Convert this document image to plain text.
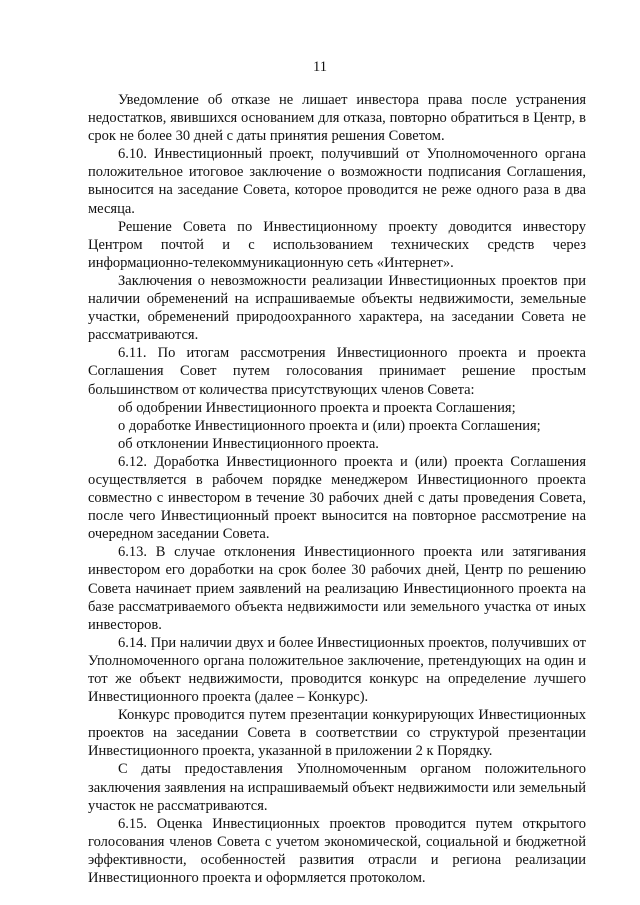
11

Уведомление об отказе не лишает инвестора права после устранения недостатков, явившихся основанием для отказа, повторно обратиться в Центр, в срок не более 30 дней с даты принятия решения Советом.

6.10. Инвестиционный проект, получивший от Уполномоченного органа положительное итоговое заключение о возможности подписания Соглашения, выносится на заседание Совета, которое проводится не реже одного раза в два месяца.

Решение Совета по Инвестиционному проекту доводится инвестору Центром почтой и с использованием технических средств через информационно-телекоммуникационную сеть «Интернет».

Заключения о невозможности реализации Инвестиционных проектов при наличии обременений на испрашиваемые объекты недвижимости, земельные участки, обременений природоохранного характера, на заседании Совета не рассматриваются.

6.11. По итогам рассмотрения Инвестиционного проекта и проекта Соглашения Совет путем голосования принимает решение простым большинством от количества присутствующих членов Совета:

об одобрении Инвестиционного проекта и проекта Соглашения;

о доработке Инвестиционного проекта и (или) проекта Соглашения;

об отклонении Инвестиционного проекта.

6.12. Доработка Инвестиционного проекта и (или) проекта Соглашения осуществляется в рабочем порядке менеджером Инвестиционного проекта совместно с инвестором в течение 30 рабочих дней с даты проведения Совета, после чего Инвестиционный проект выносится на повторное рассмотрение на очередном заседании Совета.

6.13. В случае отклонения Инвестиционного проекта или затягивания инвестором его доработки на срок более 30 рабочих дней, Центр по решению Совета начинает прием заявлений на реализацию Инвестиционного проекта на базе рассматриваемого объекта недвижимости или земельного участка от иных инвесторов.

6.14. При наличии двух и более Инвестиционных проектов, получивших от Уполномоченного органа положительное заключение, претендующих на один и тот же объект недвижимости, проводится конкурс на определение лучшего Инвестиционного проекта (далее – Конкурс).

Конкурс проводится путем презентации конкурирующих Инвестиционных проектов на заседании Совета в соответствии со структурой презентации Инвестиционного проекта, указанной в приложении 2 к Порядку.

С даты предоставления Уполномоченным органом положительного заключения заявления на испрашиваемый объект недвижимости или земельный участок не рассматриваются.

6.15. Оценка Инвестиционных проектов проводится путем открытого голосования членов Совета с учетом экономической, социальной и бюджетной эффективности, особенностей развития отрасли и региона реализации Инвестиционного проекта и оформляется протоколом.
